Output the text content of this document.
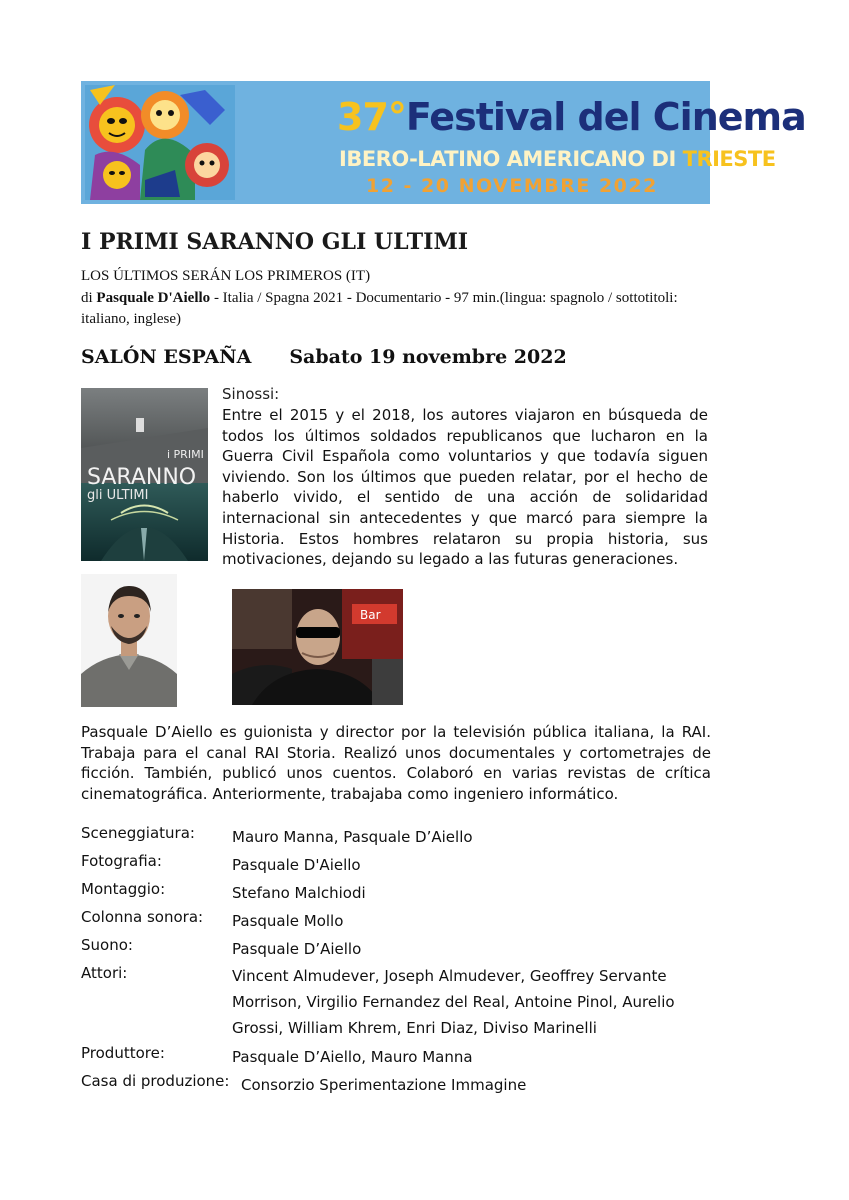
37°Festival del Cinema
IBERO-LATINO AMERICANO DI TRIESTE
12 - 20 NOVEMBRE 2022
I PRIMI SARANNO GLI ULTIMI
LOS ÚLTIMOS SERÁN LOS PRIMEROS (IT)
di Pasquale D'Aiello - Italia / Spagna 2021 - Documentario - 97 min.(lingua: spagnolo / sottotitoli: italiano, inglese)
SALÓN ESPAÑA Sabato 19 novembre 2022
i PRIMI
SARANNO
gli ULTIMI
Sinossi:
Entre el 2015 y el 2018, los autores viajaron en búsqueda de todos los últimos soldados republicanos que lucharon en la Guerra Civil Española como voluntarios y que todavía siguen viviendo. Son los últimos que pueden relatar, por el hecho de haberlo vivido, el sentido de una acción de solidaridad internacional sin antecedentes y que marcó para siempre la Historia. Estos hombres relataron su propia historia, sus motivaciones, dejando su legado a las futuras generaciones.
Bar
Pasquale D’Aiello es guionista y director por la televisión pública italiana, la RAI. Trabaja para el canal RAI Storia. Realizó unos documentales y cortometrajes de ficción. También, publicó unos cuentos. Colaboró en varias revistas de crítica cinematográfica. Anteriormente, trabajaba como ingeniero informático.
Sceneggiatura: Mauro Manna, Pasquale D’Aiello
Fotografia:	Pasquale D'Aiello
Montaggio:	Stefano Malchiodi
Colonna sonora: Pasquale Mollo
Suono:	Pasquale D’Aiello
Attori:	Vincent Almudever, Joseph Almudever, Geoffrey Servante Morrison, Virgilio Fernandez del Real, Antoine Pinol, Aurelio Grossi, William Khrem, Enri Diaz, Diviso Marinelli
Produttore:	Pasquale D’Aiello, Mauro Manna
Casa di produzione: Consorzio Sperimentazione Immagine
